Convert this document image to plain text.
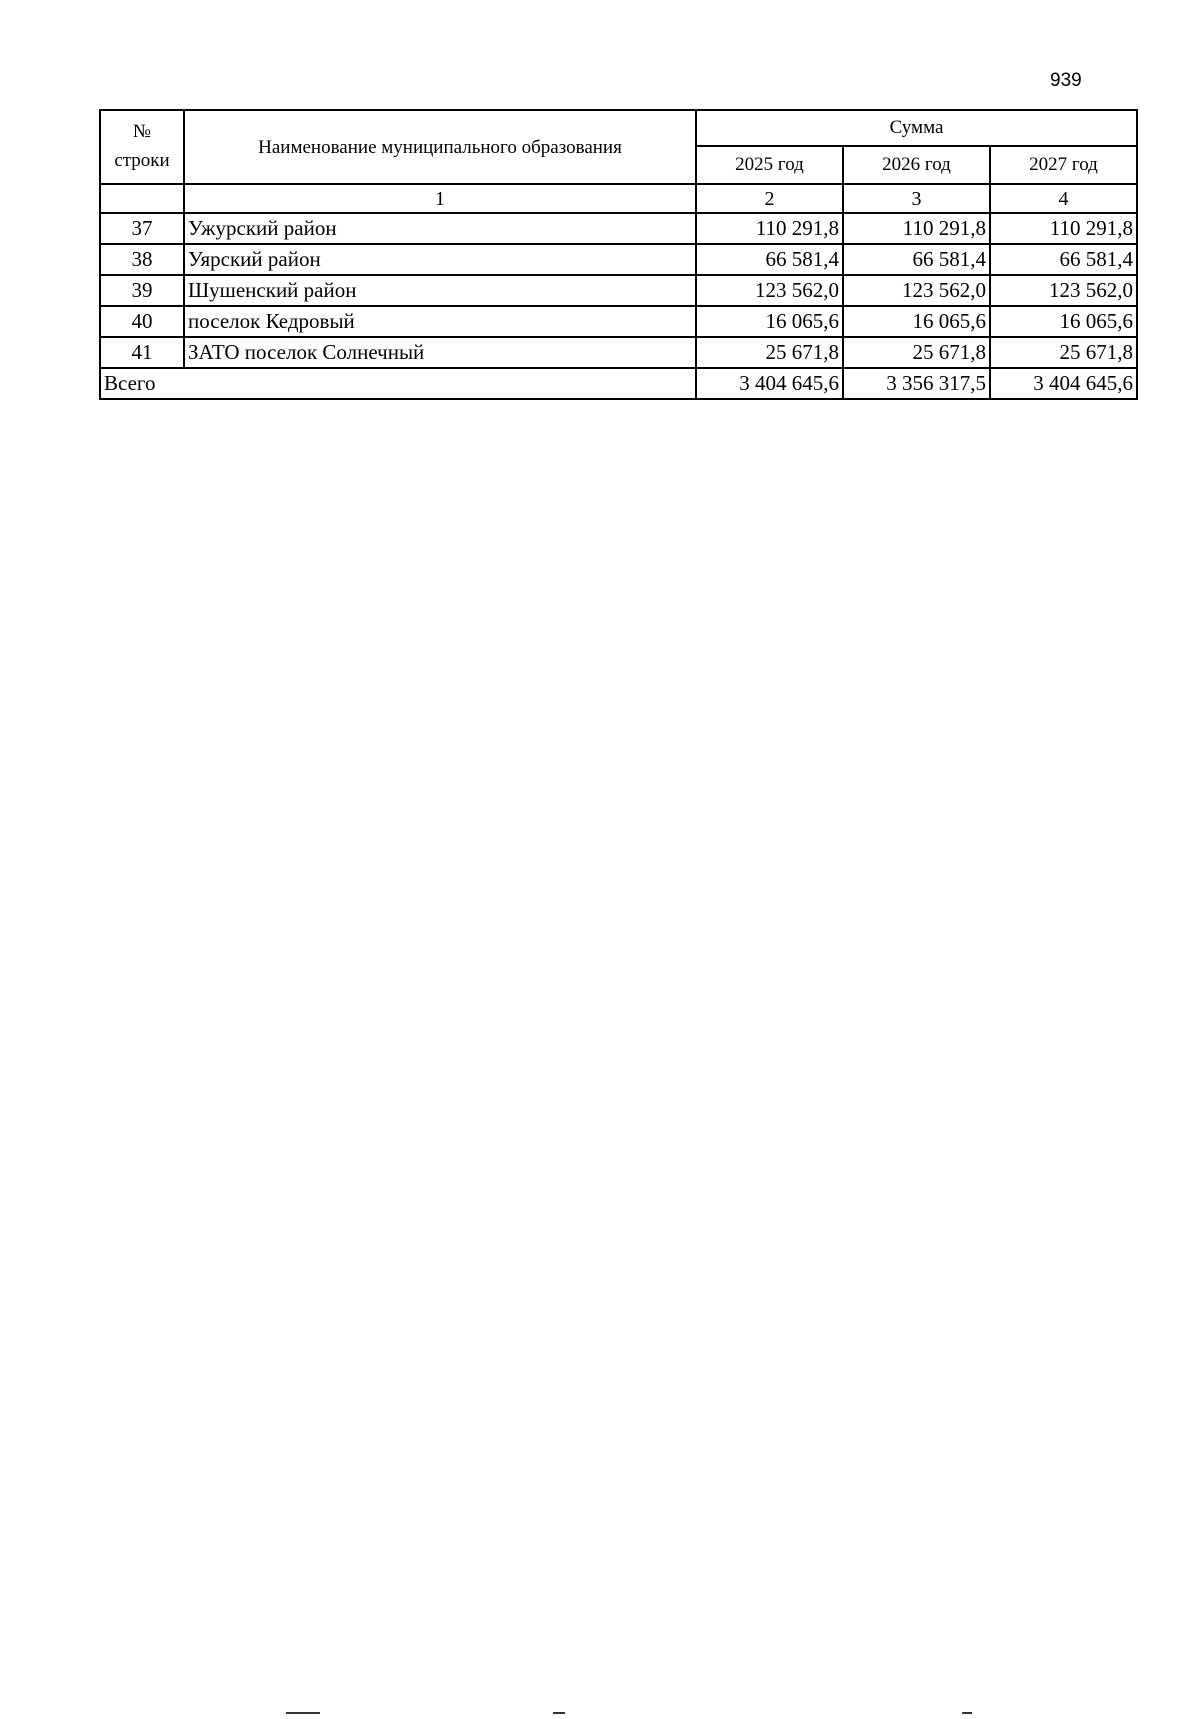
939
№
строки	Наименование муниципального образования	Сумма		
		2025 год	2026 год	2027 год
	1	2	3	4
37	Ужурский район	110 291,8	110 291,8	110 291,8
38	Уярский район	66 581,4	66 581,4	66 581,4
39	Шушенский район	123 562,0	123 562,0	123 562,0
40	поселок Кедровый	16 065,6	16 065,6	16 065,6
41	ЗАТО поселок Солнечный	25 671,8	25 671,8	25 671,8
Всего		3 404 645,6	3 356 317,5	3 404 645,6
